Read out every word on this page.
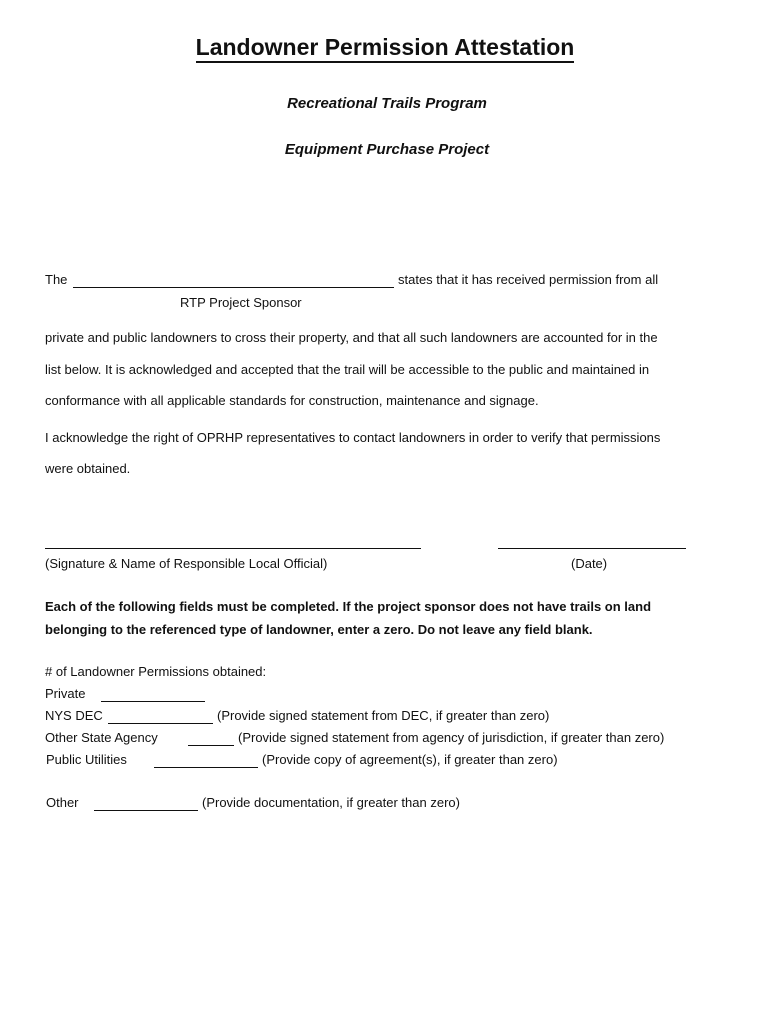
Landowner Permission Attestation
Recreational Trails Program
Equipment Purchase Project
The	states that it has received permission from all
RTP Project Sponsor
private and public landowners to cross their property, and that all such landowners are accounted for in the
list below. It is acknowledged and accepted that the trail will be accessible to the public and maintained in
conformance with all applicable standards for construction, maintenance and signage.
I acknowledge the right of OPRHP representatives to contact landowners in order to verify that permissions
were obtained.
(Signature & Name of Responsible Local Official)	(Date)
Each of the following fields must be completed. If the project sponsor does not have trails on land
belonging to the referenced type of landowner, enter a zero. Do not leave any field blank.
# of Landowner Permissions obtained:
Private
NYS DEC	(Provide signed statement from DEC, if greater than zero)
Other State Agency	(Provide signed statement from agency of jurisdiction, if greater than zero)
Public Utilities	(Provide copy of agreement(s), if greater than zero)
Other	(Provide documentation, if greater than zero)
